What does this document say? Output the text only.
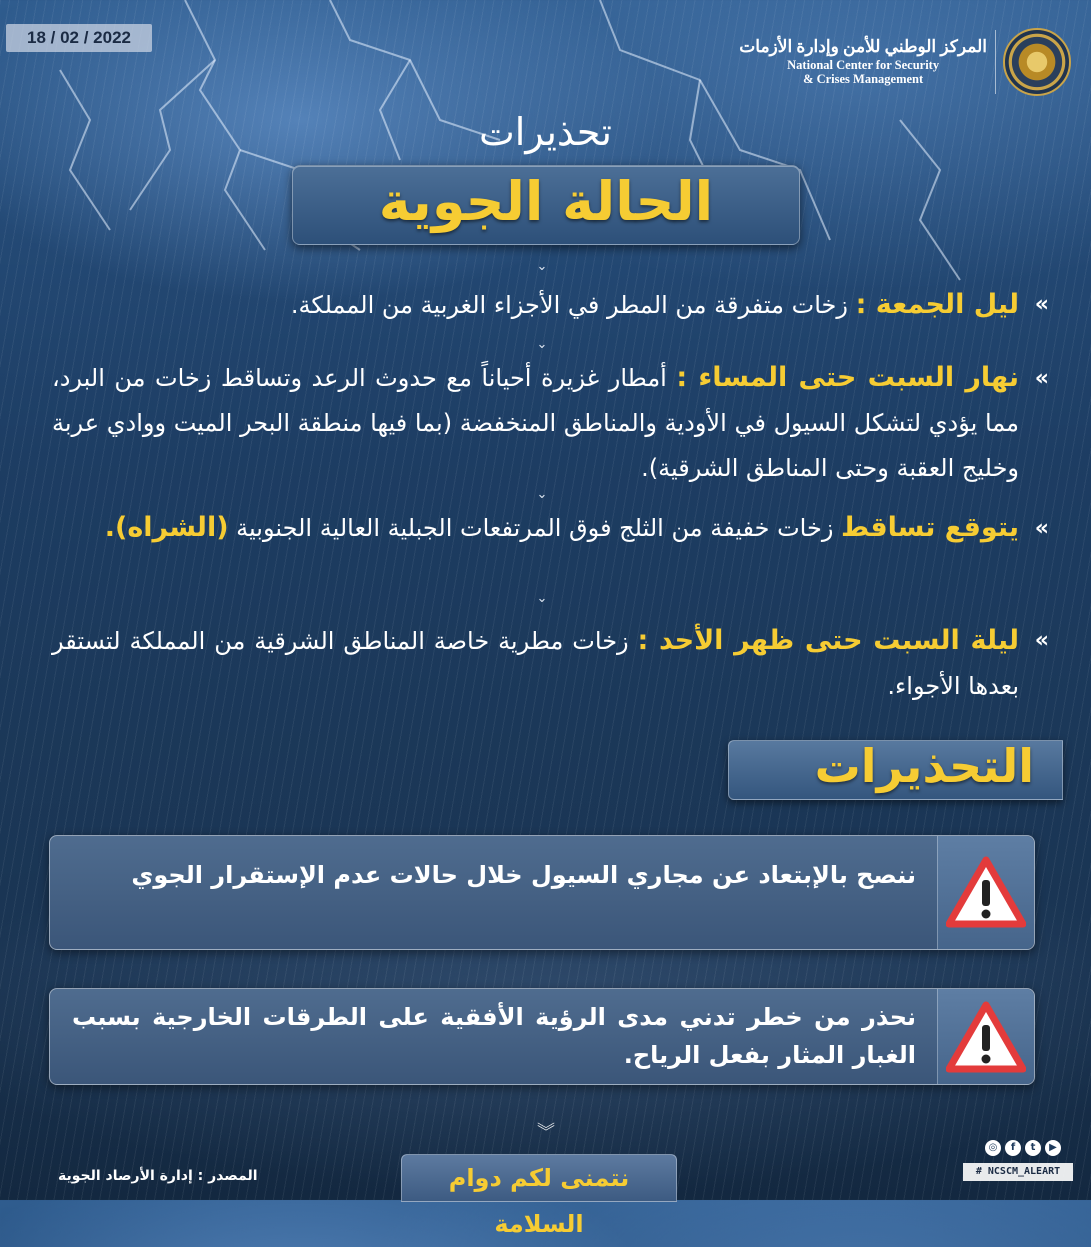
18 / 02 / 2022	المركز الوطني للأمن وإدارة الأزمات
National Center for Security
& Crises Management
تحذيرات
الحالة الجوية
⌄
«
ليل الجمعة : زخات متفرقة من المطر في الأجزاء الغربية من المملكة.
⌄
«
نهار السبت حتى المساء : أمطار غزيرة أحياناً مع حدوث الرعد وتساقط زخات من البرد، مما يؤدي لتشكل السيول في الأودية والمناطق المنخفضة (بما فيها منطقة البحر الميت ووادي عربة وخليج العقبة وحتى المناطق الشرقية).
⌄
«
يتوقع تساقط زخات خفيفة من الثلج فوق المرتفعات الجبلية العالية الجنوبية (الشراه).
⌄
«
ليلة السبت حتى ظهر الأحد : زخات مطرية خاصة المناطق الشرقية من المملكة لتستقر بعدها الأجواء.
التحذيرات
ننصح بالإبتعاد عن مجاري السيول خلال حالات عدم الإستقرار الجوي
نحذر من خطر تدني مدى الرؤية الأفقية على الطرقات الخارجية بسبب الغبار المثار بفعل الرياح.
︾
نتمنى لكم دوام السلامة
المصدر : إدارة الأرصاد الجوية
◎	f	t	▶
# NCSCM_ALEART
